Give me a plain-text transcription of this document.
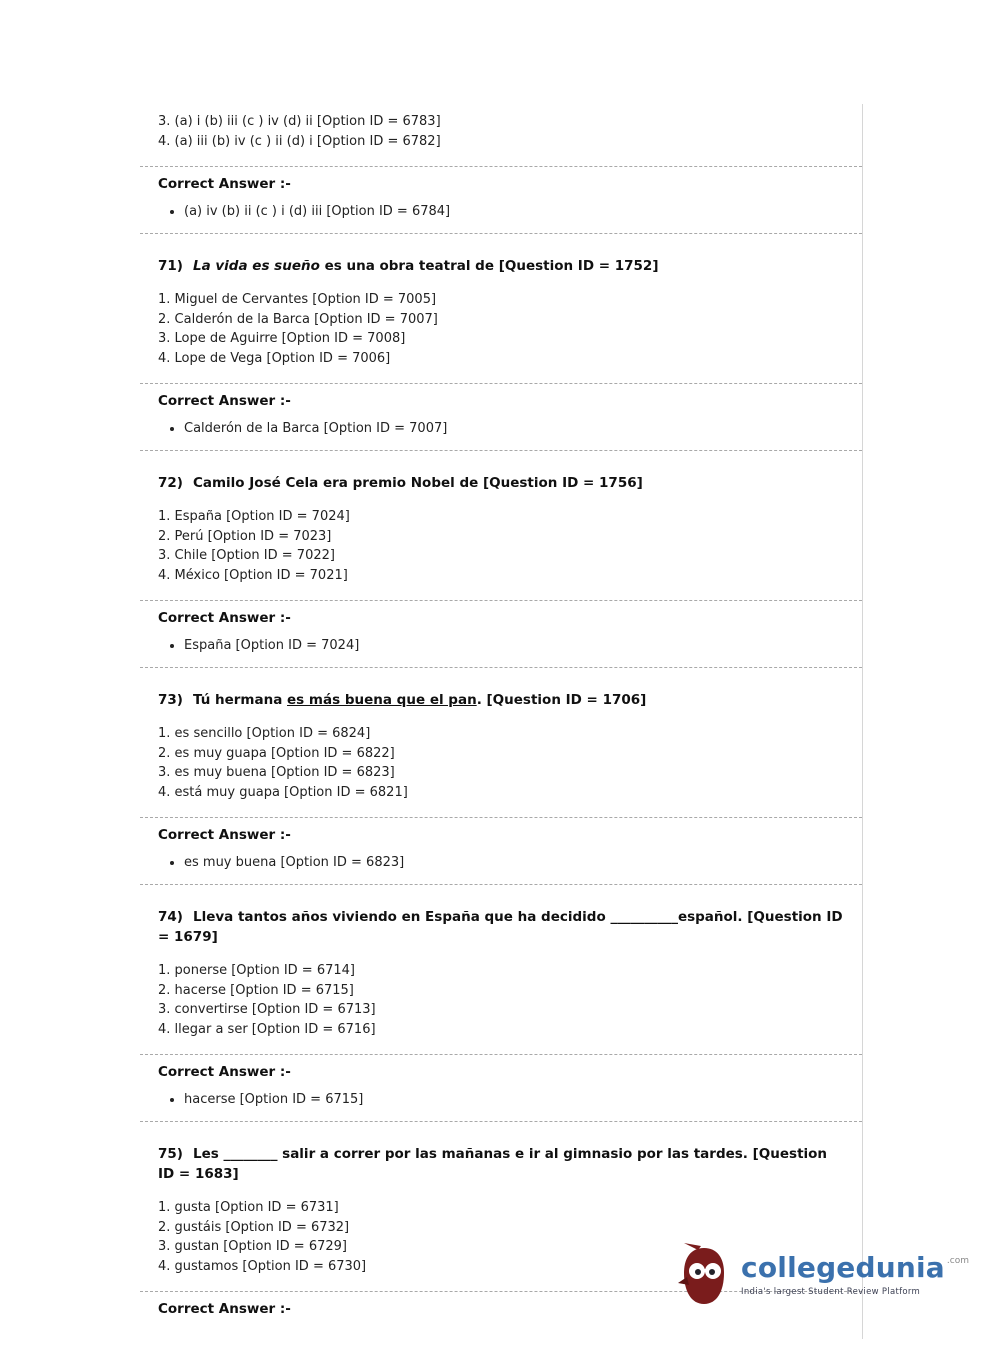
3. (a) i (b) iii (c ) iv (d) ii [Option ID = 6783]
4. (a) iii (b) iv (c ) ii (d) i [Option ID = 6782]
Correct Answer :-
• (a) iv (b) ii (c ) i (d) iii [Option ID = 6784]
71) La vida es sueño es una obra teatral de [Question ID = 1752]
1. Miguel de Cervantes [Option ID = 7005]
2. Calderón de la Barca [Option ID = 7007]
3. Lope de Aguirre [Option ID = 7008]
4. Lope de Vega [Option ID = 7006]
Correct Answer :-
• Calderón de la Barca [Option ID = 7007]
72) Camilo José Cela era premio Nobel de [Question ID = 1756]
1. España [Option ID = 7024]
2. Perú [Option ID = 7023]
3. Chile [Option ID = 7022]
4. México [Option ID = 7021]
Correct Answer :-
• España [Option ID = 7024]
73) Tú hermana es más buena que el pan. [Question ID = 1706]
1. es sencillo [Option ID = 6824]
2. es muy guapa [Option ID = 6822]
3. es muy buena [Option ID = 6823]
4. está muy guapa [Option ID = 6821]
Correct Answer :-
• es muy buena [Option ID = 6823]
74) Lleva tantos años viviendo en España que ha decidido __________español. [Question ID = 1679]
1. ponerse [Option ID = 6714]
2. hacerse [Option ID = 6715]
3. convertirse [Option ID = 6713]
4. llegar a ser [Option ID = 6716]
Correct Answer :-
• hacerse [Option ID = 6715]
75) Les ________ salir a correr por las mañanas e ir al gimnasio por las tardes. [Question ID = 1683]
1. gusta [Option ID = 6731]
2. gustáis [Option ID = 6732]
3. gustan [Option ID = 6729]
4. gustamos [Option ID = 6730]
Correct Answer :-
collegedunia .com
India's largest Student Review Platform
